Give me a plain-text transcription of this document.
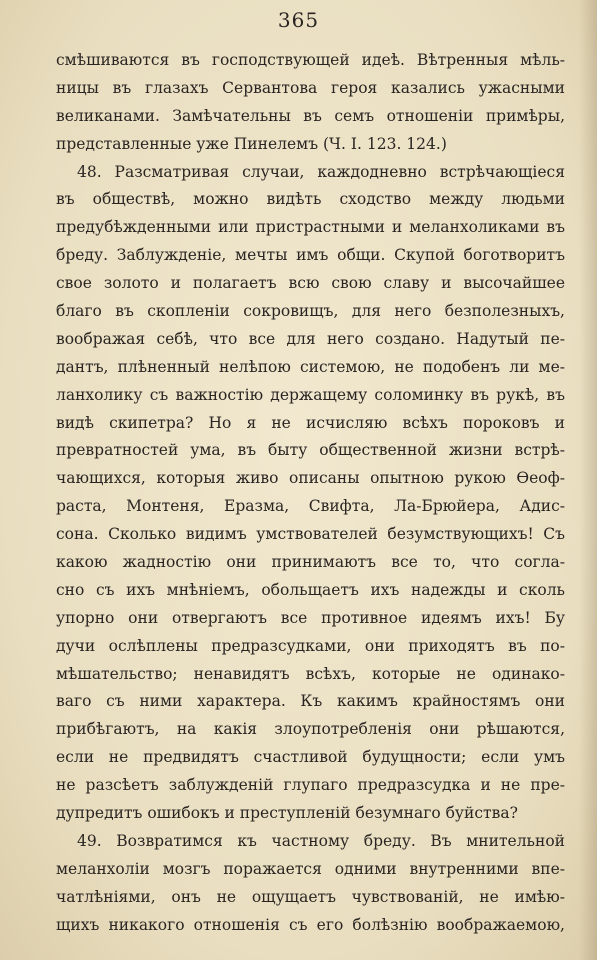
365
смѣшиваются въ господствующей идеѣ. Вѣтренныя мѣль-
ницы въ глазахъ Сервантова героя казались ужасными
великанами. Замѣчательны въ семъ отношеніи примѣры,
представленные уже Пинелемъ (Ч. I. 123. 124.)
48. Разсматривая случаи, каждодневно встрѣчающіеся
въ обществѣ, можно видѣть сходство между людьми
предубѣжденными или пристрастными и меланхоликами въ
бреду. Заблужденіе, мечты имъ общи. Скупой боготворитъ
свое золото и полагаетъ всю свою славу и высочайшее
благо въ скопленіи сокровищъ, для него безполезныхъ,
воображая себѣ, что все для него создано. Надутый пе-
дантъ, плѣненный нелѣпою системою, не подобенъ ли ме-
ланхолику съ важностію держащему соломинку въ рукѣ, въ
видѣ скипетра? Но я не исчисляю всѣхъ пороковъ и
превратностей ума, въ быту общественной жизни встрѣ-
чающихся, которыя живо описаны опытною рукою Ѳеоф-
раста, Монтеня, Еразма, Свифта, Ла-Брюйера, Адис-
сона. Сколько видимъ умствователей безумствующихъ! Съ
какою жадностію они принимаютъ все то, что согла-
сно съ ихъ мнѣніемъ, обольщаетъ ихъ надежды и сколь
упорно они отвергаютъ все противное идеямъ ихъ! Бу
дучи ослѣплены предразсудками, они приходятъ въ по-
мѣшательство; ненавидятъ всѣхъ, которые не одинако-
ваго съ ними характера. Къ какимъ крайностямъ они
прибѣгаютъ, на какія злоупотребленія они рѣшаются,
если не предвидятъ счастливой будущности; если умъ
не разсѣетъ заблужденій глупаго предразсудка и не пре-
дупредитъ ошибокъ и преступленій безумнаго буйства?
49. Возвратимся къ частному бреду. Въ мнительной
меланхоліи мозгъ поражается одними внутренними впе-
чатлѣніями, онъ не ощущаетъ чувствованій, не имѣю-
щихъ никакого отношенія съ его болѣзнію воображаемою,
